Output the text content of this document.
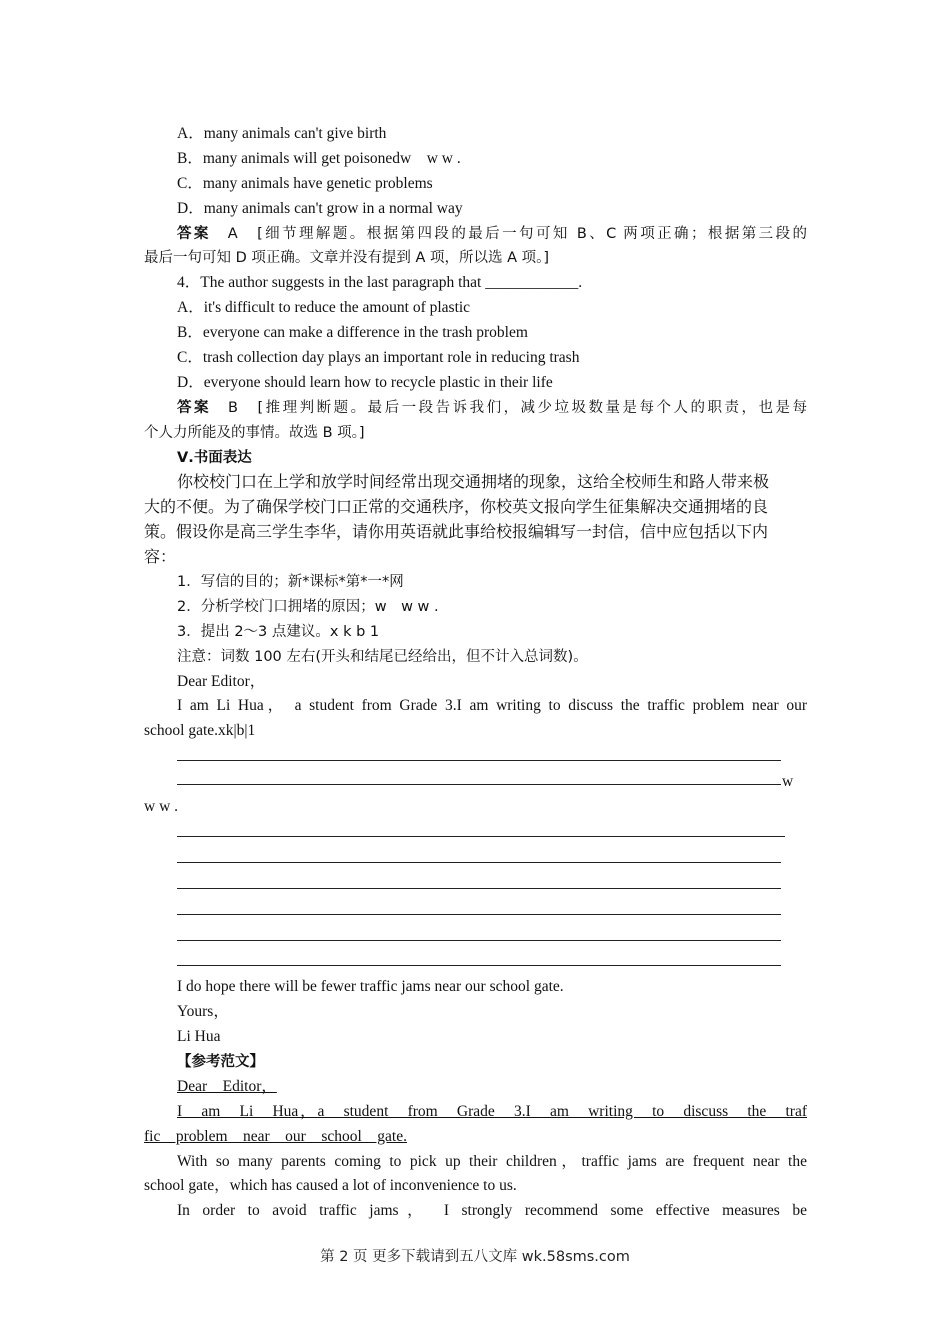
A．many animals can't give birth
B．many animals will get poisonedw　w w .
C．many animals have genetic problems
D．many animals can't grow in a normal way
答案　 A　 [细节理解题。根据第四段的最后一句可知 B、C 两项正确；根据第三段的
最后一句可知 D 项正确。文章并没有提到 A 项，所以选 A 项。]
4．The author suggests in the last paragraph that ____________.
A．it's difficult to reduce the amount of plastic
B．everyone can make a difference in the trash problem
C．trash collection day plays an important role in reducing trash
D．everyone should learn how to recycle plastic in their life
答案　 B　 [推理判断题。最后一段告诉我们，减少垃圾数量是每个人的职责，也是每
个人力所能及的事情。故选 B 项。]
Ⅴ.书面表达
你校校门口在上学和放学时间经常出现交通拥堵的现象，这给全校师生和路人带来极
大的不便。为了确保学校门口正常的交通秩序，你校英文报向学生征集解决交通拥堵的良
策。假设你是高三学生李华，请你用英语就此事给校报编辑写一封信，信中应包括以下内
容：
1．写信的目的；新*课标*第*一*网
2．分析学校门口拥堵的原因；w　w w .
3．提出 2～3 点建议。x k b 1
注意：词数 100 左右(开头和结尾已经给出，但不计入总词数)。
Dear Editor，
I am Li Hua， a student from Grade 3.I am writing to discuss the traffic problem near our
school gate.xk|b|1
w
w w .
I do hope there will be fewer traffic jams near our school gate.
Yours，
Li Hua
【参考范文】
Dear　Editor，
I　am　Li　Hua，a　student　from　Grade　3.I　am　writing　to　discuss　the　traf
fic　problem　near　our　school　gate.
With so many parents coming to pick up their children，traffic jams are frequent near the
school gate，which has caused a lot of inconvenience to us.
In order to avoid traffic jams， I strongly recommend some effective measures be
第 2 页 更多下载请到五八文库 wk.58sms.com
